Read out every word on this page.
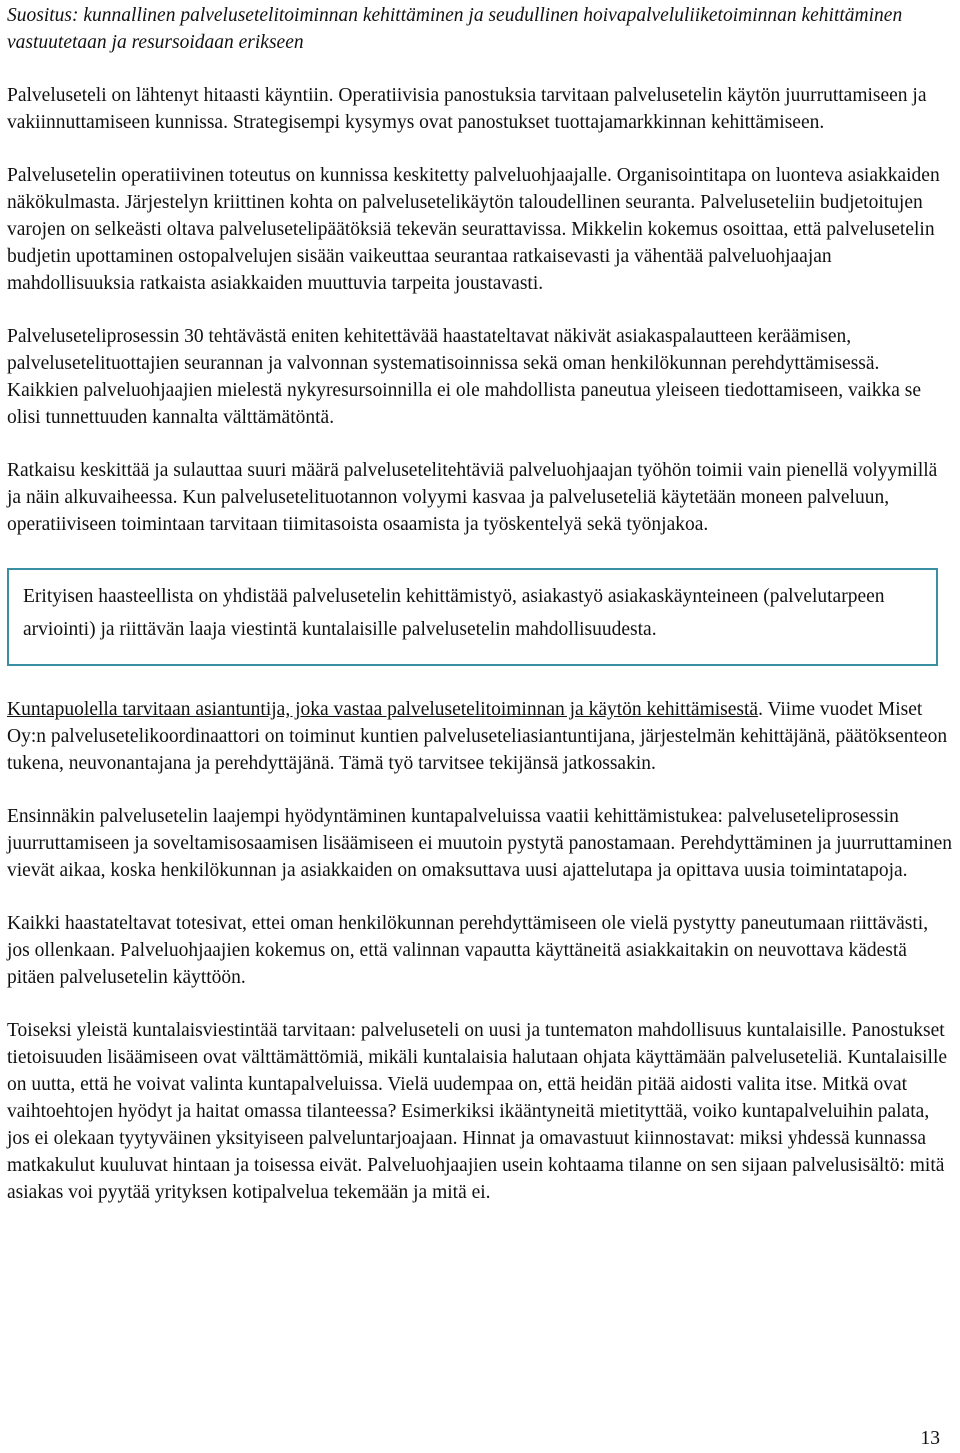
Suositus: kunnallinen palvelusetelitoiminnan kehittäminen ja seudullinen hoivapalveluliiketoiminnan kehittäminen vastuutetaan ja resursoidaan erikseen

Palveluseteli on lähtenyt hitaasti käyntiin. Operatiivisia panostuksia tarvitaan palvelusetelin käytön juurruttamiseen ja vakiinnuttamiseen kunnissa. Strategisempi kysymys ovat panostukset tuottajamarkkinnan kehittämiseen.

Palvelusetelin operatiivinen toteutus on kunnissa keskitetty palveluohjaajalle. Organisointitapa on luonteva asiakkaiden näkökulmasta. Järjestelyn kriittinen kohta on palvelusetelikäytön taloudellinen seuranta. Palveluseteliin budjetoitujen varojen on selkeästi oltava palvelusetelipäätöksiä tekevän seurattavissa. Mikkelin kokemus osoittaa, että palvelusetelin budjetin upottaminen ostopalvelujen sisään vaikeuttaa seurantaa ratkaisevasti ja vähentää palveluohjaajan mahdollisuuksia ratkaista asiakkaiden muuttuvia tarpeita joustavasti.

Palveluseteliprosessin 30 tehtävästä eniten kehitettävää haastateltavat näkivät asiakaspalautteen keräämisen, palvelusetelituottajien seurannan ja valvonnan systematisoinnissa sekä oman henkilökunnan perehdyttämisessä. Kaikkien palveluohjaajien mielestä nykyresursoinnilla ei ole mahdollista paneutua yleiseen tiedottamiseen, vaikka se olisi tunnettuuden kannalta välttämätöntä.

Ratkaisu keskittää ja sulauttaa suuri määrä palvelusetelitehtäviä palveluohjaajan työhön toimii vain pienellä volyymillä ja näin alkuvaiheessa. Kun palvelusetelituotannon volyymi kasvaa ja palveluseteliä käytetään moneen palveluun, operatiiviseen toimintaan tarvitaan tiimitasoista osaamista ja työskentelyä sekä työnjakoa.

Erityisen haasteellista on yhdistää palvelusetelin kehittämistyö, asiakastyö asiakaskäynteineen (palvelutarpeen arviointi) ja riittävän laaja viestintä kuntalaisille palvelusetelin mahdollisuudesta.

Kuntapuolella tarvitaan asiantuntija, joka vastaa palvelusetelitoiminnan ja käytön kehittämisestä. Viime vuodet Miset Oy:n palvelusetelikoordinaattori on toiminut kuntien palveluseteliasiantuntijana, järjestelmän kehittäjänä, päätöksenteon tukena, neuvonantajana ja perehdyttäjänä. Tämä työ tarvitsee tekijänsä jatkossakin.

Ensinnäkin palvelusetelin laajempi hyödyntäminen kuntapalveluissa vaatii kehittämistukea: palveluseteliprosessin juurruttamiseen ja soveltamisosaamisen lisäämiseen ei muutoin pystytä panostamaan. Perehdyttäminen ja juurruttaminen vievät aikaa, koska henkilökunnan ja asiakkaiden on omaksuttava uusi ajattelutapa ja opittava uusia toimintatapoja.

Kaikki haastateltavat totesivat, ettei oman henkilökunnan perehdyttämiseen ole vielä pystytty paneutumaan riittävästi, jos ollenkaan. Palveluohjaajien kokemus on, että valinnan vapautta käyttäneitä asiakkaitakin on neuvottava kädestä pitäen palvelusetelin käyttöön.

Toiseksi yleistä kuntalaisviestintää tarvitaan: palveluseteli on uusi ja tuntematon mahdollisuus kuntalaisille. Panostukset tietoisuuden lisäämiseen ovat välttämättömiä, mikäli kuntalaisia halutaan ohjata käyttämään palveluseteliä. Kuntalaisille on uutta, että he voivat valinta kuntapalveluissa. Vielä uudempaa on, että heidän pitää aidosti valita itse. Mitkä ovat vaihtoehtojen hyödyt ja haitat omassa tilanteessa? Esimerkiksi ikääntyneitä mietityttää, voiko kuntapalveluihin palata, jos ei olekaan tyytyväinen yksityiseen palveluntarjoajaan. Hinnat ja omavastuut kiinnostavat: miksi yhdessä kunnassa matkakulut kuuluvat hintaan ja toisessa eivät. Palveluohjaajien usein kohtaama tilanne on sen sijaan palvelusisältö: mitä asiakas voi pyytää yrityksen kotipalvelua tekemään ja mitä ei.

13
